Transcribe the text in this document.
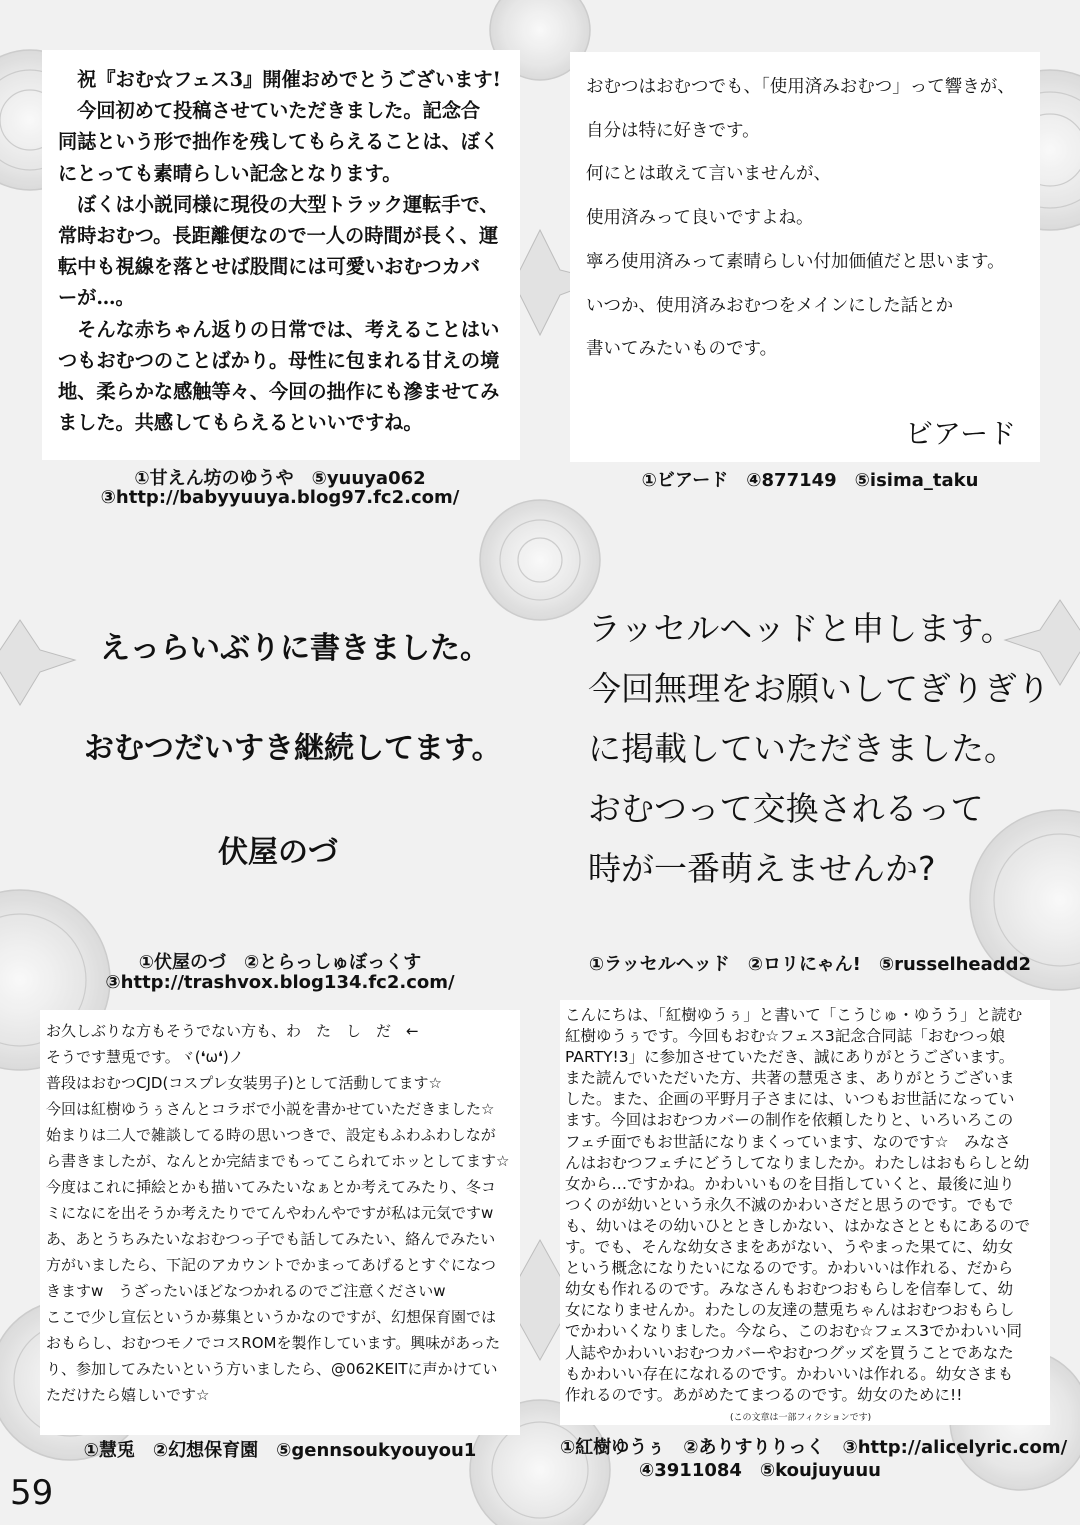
　祝『おむ☆フェス3』開催おめでとうございます!
　今回初めて投稿させていただきました。記念合
同誌という形で拙作を残してもらえることは、ぼく
にとっても素晴らしい記念となります。
　ぼくは小説同様に現役の大型トラック運転手で、
常時おむつ。長距離便なので一人の時間が長く、運
転中も視線を落とせば股間には可愛いおむつカバ
ーが…。
　そんな赤ちゃん返りの日常では、考えることはい
つもおむつのことばかり。母性に包まれる甘えの境
地、柔らかな感触等々、今回の拙作にも滲ませてみ
ました。共感してもらえるといいですね。
①甘えん坊のゆうや　⑤yuuya062
③http://babyyuuya.blog97.fc2.com/
おむつはおむつでも、「使用済みおむつ」って響きが、
自分は特に好きです。
何にとは敢えて言いませんが、
使用済みって良いですよね。
寧ろ使用済みって素晴らしい付加価値だと思います。
いつか、使用済みおむつをメインにした話とか
書いてみたいものです。
ビアード
①ビアード　④877149　⑤isima_taku
えっらいぶりに書きました。
おむつだいすき継続してます。
伏屋のづ
①伏屋のづ　②とらっしゅぼっくす
③http://trashvox.blog134.fc2.com/
ラッセルヘッドと申します。
今回無理をお願いしてぎりぎり
に掲載していただきました。
おむつって交換されるって
時が一番萌えませんか?
①ラッセルヘッド　②ロリにゃん!　⑤russelheadd2
お久しぶりな方もそうでない方も、わ　た　し　だ　←
そうです慧兎です。ヾ(❛ω❛)ノ
普段はおむつCJD(コスプレ女装男子)として活動してます☆
今回は紅樹ゆうぅさんとコラボで小説を書かせていただきました☆
始まりは二人で雑談してる時の思いつきで、設定もふわふわしなが
ら書きましたが、なんとか完結までもってこられてホッとしてます☆
今度はこれに挿絵とかも描いてみたいなぁとか考えてみたり、冬コ
ミになにを出そうか考えたりでてんやわんやですが私は元気ですw
あ、あとうちみたいなおむつっ子でも話してみたい、絡んでみたい
方がいましたら、下記のアカウントでかまってあげるとすぐになつ
きますw　うざったいほどなつかれるのでご注意くださいw
ここで少し宣伝というか募集というかなのですが、幻想保育園では
おもらし、おむつモノでコスROMを製作しています。興味があった
り、参加してみたいという方いましたら、@062KEITに声かけてい
ただけたら嬉しいです☆
①慧兎　②幻想保育園　⑤gennsoukyouyou1
こんにちは、「紅樹ゆうぅ」と書いて「こうじゅ・ゆうう」と読む
紅樹ゆうぅです。今回もおむ☆フェス3記念合同誌「おむつっ娘
PARTY!3」に参加させていただき、誠にありがとうございます。
また読んでいただいた方、共著の慧兎さま、ありがとうございま
した。また、企画の平野月子さまには、いつもお世話になってい
ます。今回はおむつカバーの制作を依頼したりと、いろいろこの
フェチ面でもお世話になりまくっています、なのです☆　みなさ
んはおむつフェチにどうしてなりましたか。わたしはおもらしと幼
女から…ですかね。かわいいものを目指していくと、最後に辿り
つくのが幼いという永久不滅のかわいさだと思うのです。でもで
も、幼いはその幼いひとときしかない、はかなさとともにあるので
す。でも、そんな幼女さまをあがない、うやまった果てに、幼女
という概念になりたいになるのです。かわいいは作れる、だから
幼女も作れるのです。みなさんもおむつおもらしを信奉して、幼
女になりませんか。わたしの友達の慧兎ちゃんはおむつおもらし
でかわいくなりました。今なら、このおむ☆フェス3でかわいい同
人誌やかわいいおむつカバーやおむつグッズを買うことであなた
もかわいい存在になれるのです。かわいいは作れる。幼女さまも
作れるのです。あがめたてまつるのです。幼女のために!!
(この文章は一部フィクションです)
①紅樹ゆうぅ　②ありすりりっく　③http://alicelyric.com/
④3911084　⑤koujuyuuu
59
